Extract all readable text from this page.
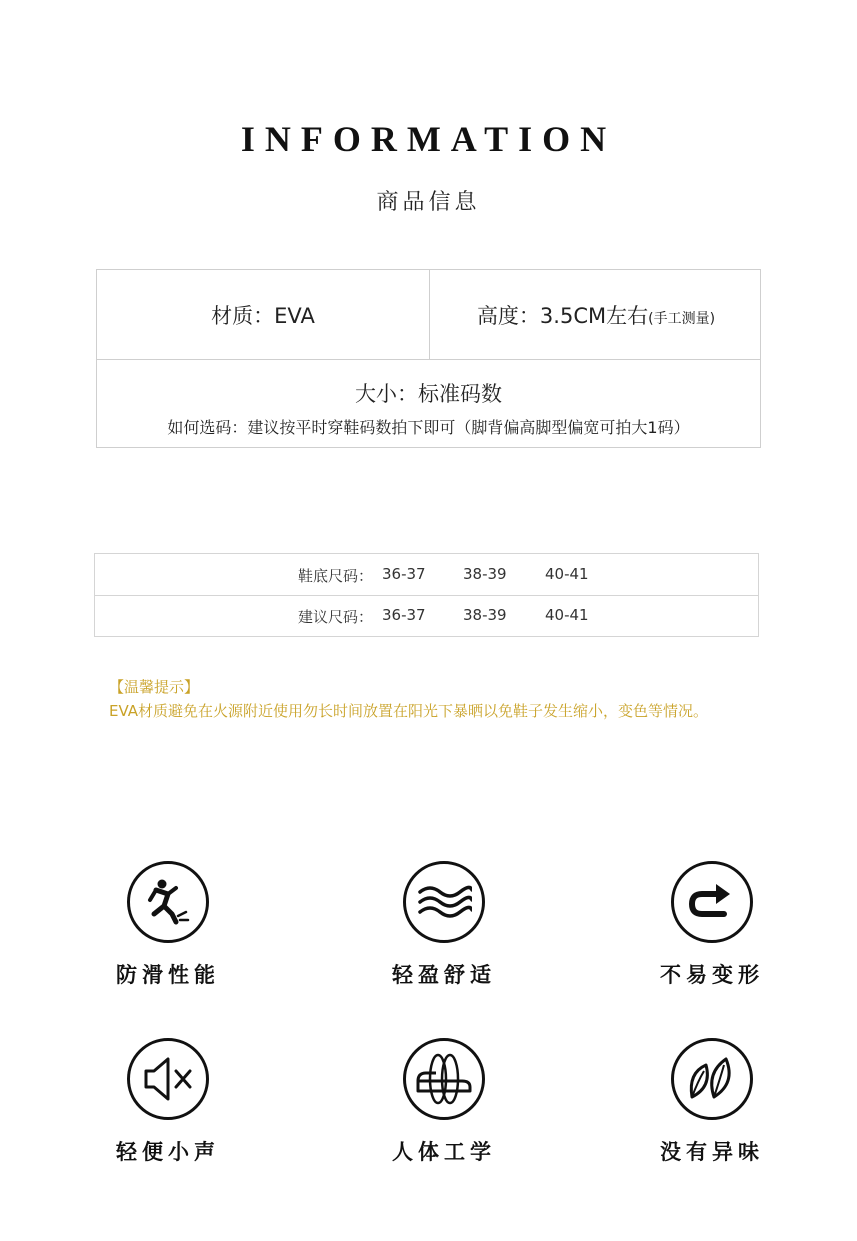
INFORMATION
商品信息
材质：EVA	高度：3.5CM左右(手工测量)
大小：标准码数
如何选码：建议按平时穿鞋码数拍下即可（脚背偏高脚型偏宽可拍大1码）
鞋底尺码： 36-37 38-39	40-41
建议尺码： 36-37 38-39	40-41
【温馨提示】
EVA材质避免在火源附近使用勿长时间放置在阳光下暴晒以免鞋子发生缩小，变色等情况。
防滑性能	轻盈舒适	不易变形
轻便小声	人体工学	没有异味
